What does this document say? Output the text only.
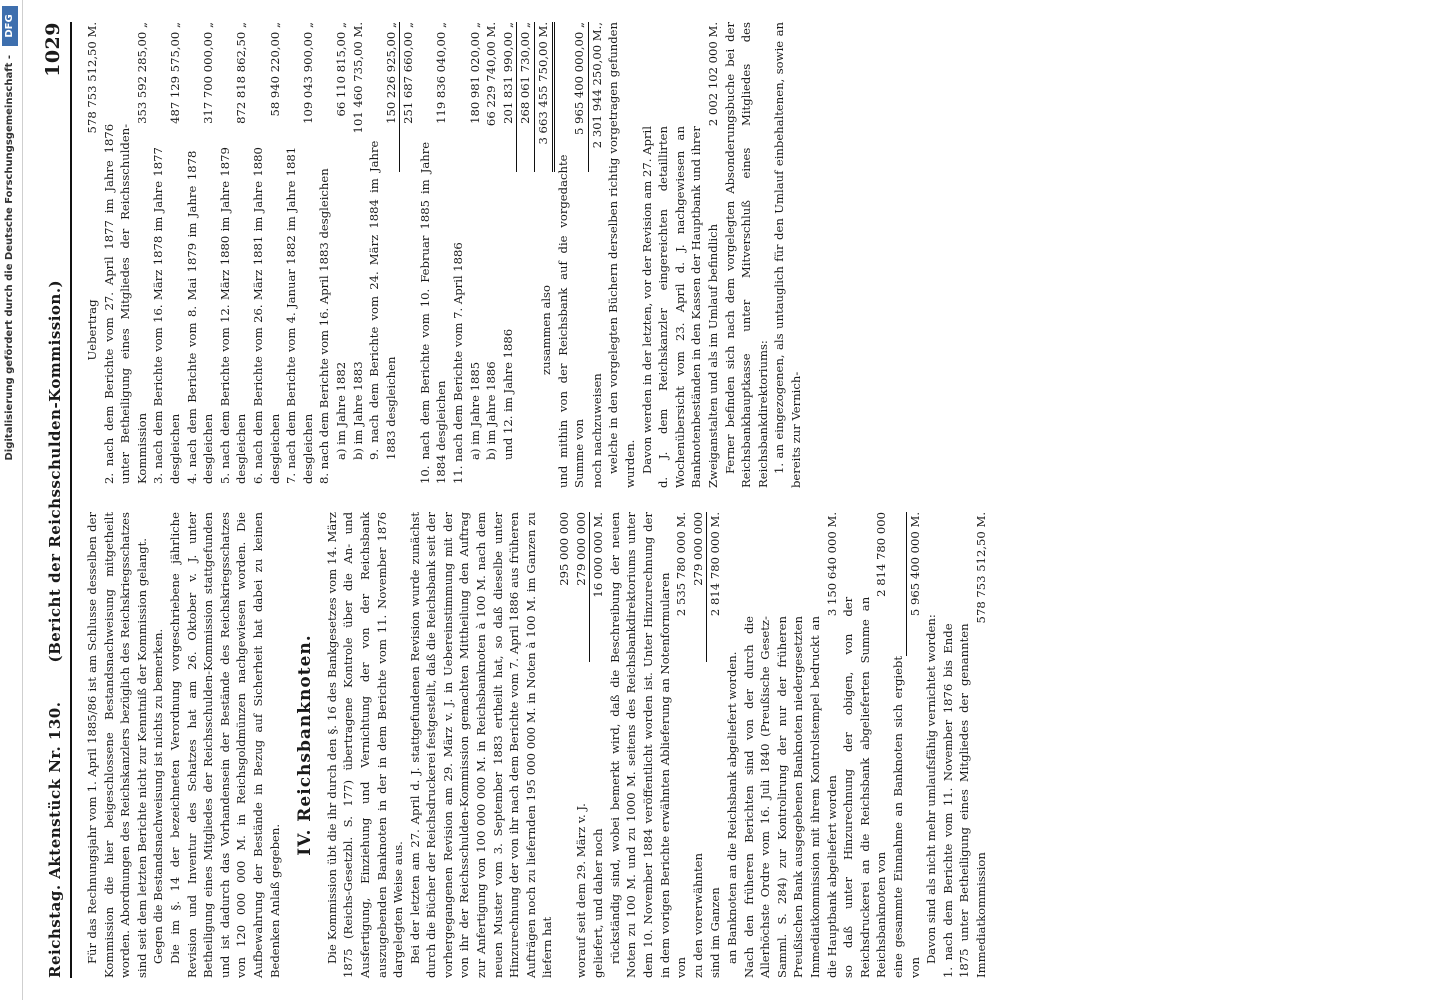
Digitalisierung gefördert durch die Deutsche Forschungsgemeinschaft -
DFG
Reichstag. Aktenstück Nr. 130.
(Bericht der Reichsschulden-Kommission.)
1029

Für das Rechnungsjahr vom 1. April 1885/86 ist am Schlusse desselben der Kommission die hier beigeschlossene Bestandsnachweisung mitgetheilt worden. Abordnungen des Reichskanzlers bezüglich des Reichskriegsschatzes sind seit dem letzten Berichte nicht zur Kenntniß der Kommission gelangt. Gegen die Bestandsnachweisung ist nichts zu bemerken. Die im §. 14 der bezeichneten Verordnung vorgeschriebene jährliche Revision und Inventur des Schatzes hat am 26. Oktober v. J. unter Betheiligung eines Mitgliedes der Reichsschulden-Kommission stattgefunden und ist dadurch das Vorhandensein der Bestände des Reichskriegsschatzes von 120 000 000 M. in Reichsgoldmünzen nachgewiesen worden. Die Aufbewahrung der Bestände in Bezug auf Sicherheit hat dabei zu keinen Bedenken Anlaß gegeben.

IV. Reichsbanknoten. Die Kommission übt die ihr durch den §. 16 des Bankgesetzes vom 14. März 1875 (Reichs-Gesetzbl. S. 177) übertragene Kontrole über die An- und Ausfertigung, Einziehung und Vernichtung der von der Reichsbank auszugebenden Banknoten in der in dem Berichte vom 11. November 1876 dargelegten Weise aus. Bei der letzten am 27. April d. J. stattgefundenen Revision wurde zunächst durch die Bücher der Reichsdruckerei festgestellt, daß die Reichsbank seit der vorhergegangenen Revision am 29. März v. J. in Uebereinstimmung mit der von ihr der Reichsschulden-Kommission gemachten Mittheilung den Auftrag zur Anfertigung von 100 000 000 M. in Reichsbanknoten à 100 M. nach dem neuen Muster vom 3. September 1883 ertheilt hat, so daß dieselbe unter Hinzurechnung der von ihr nach dem Berichte vom 7. April 1886 aus früheren Aufträgen noch zu liefernden 195 000 000 M. in Noten à 100 M. im Ganzen zu liefern hat

295 000 000
worauf seit dem 29. März v. J.
279 000 000
geliefert, und daher noch
16 000 000 M. rückständig sind, wobei bemerkt wird, daß die Beschreibung der neuen Noten zu 100 M. und zu 1000 M. seitens des Reichsbankdirektoriums unter dem 10. November 1884 veröffentlicht worden ist. Unter Hinzurechnung der in dem vorigen Berichte erwähnten Ablieferung an Notenformularen von
2 535 780 000 M.
zu den vorerwähnten
279 000 000
sind im Ganzen
2 814 780 000 M.

an Banknoten an die Reichsbank abgeliefert worden. Nach den früheren Berichten sind von der durch die Allerhöchste Ordre vom 16. Juli 1840 (Preußische Gesetz-Samml. S. 284) zur Kontrolirung der nur der früheren Preußischen Bank ausgegebenen Banknoten niedergesetzten Immediatkommission mit ihrem Kontrolstempel bedruckt an die Hauptbank abgeliefert worden
3 150 640 000 M.
so daß unter Hinzurechnung der obigen, von der Reichsdruckerei an die Reichsbank abgelieferten Summe an Reichsbanknoten von
2 814 780 000
eine gesammte Einnahme an Banknoten sich ergiebt von
5 965 400 000 M.

Davon sind als nicht mehr umlaufsfähig vernichtet worden: 1. nach dem Berichte vom 11. November 1876 bis Ende 1875 unter Betheiligung eines Mitgliedes der genannten Immediatkommission
578 753 512,50 M.
Uebertrag
578 753 512,50 M.
2. nach dem Berichte vom 27. April 1877 im Jahre 1876 unter Betheiligung eines Mitgliedes der Reichsschulden-Kommission
353 592 285,00 „
3. nach dem Berichte vom 16. März 1878 im Jahre 1877 desgleichen
487 129 575,00 „
4. nach dem Berichte vom 8. Mai 1879 im Jahre 1878 desgleichen
317 700 000,00 „
5. nach dem Berichte vom 12. März 1880 im Jahre 1879 desgleichen
872 818 862,50 „
6. nach dem Berichte vom 26. März 1881 im Jahre 1880 desgleichen
58 940 220,00 „
7. nach dem Berichte vom 4. Januar 1882 im Jahre 1881 desgleichen
109 043 900,00 „
8. nach dem Berichte vom 16. April 1883 desgleichen a) im Jahre 1882
66 110 815,00 „
b) im Jahre 1883
101 460 735,00 M.
9. nach dem Berichte vom 24. März 1884 im Jahre 1883 desgleichen
150 226 925,00 „ 251 687 660,00 „
10. nach dem Berichte vom 10. Februar 1885 im Jahre 1884 desgleichen
119 836 040,00 „
11. nach dem Berichte vom 7. April 1886 a) im Jahre 1885
180 981 020,00 „
b) im Jahre 1886
66 229 740,00 M.
und 12. im Jahre 1886
201 831 990,00 „ 268 061 730,00 „
zusammen also
3 663 455 750,00 M.
und mithin von der Reichsbank auf die vorgedachte Summe von
5 965 400 000,00 „
noch nachzuweisen
2 301 944 250,00 M., welche in den vorgelegten Büchern derselben richtig vorgetragen gefunden wurden. Davon werden in der letzten, vor der Revision am 27. April d. J. dem Reichskanzler eingereichten detaillirten Wochenübersicht vom 23. April d. J. nachgewiesen an Banknotenbeständen in den Kassen der Hauptbank und ihrer Zweiganstalten und als im Umlauf befindlich
2 002 102 000 M. Ferner befinden sich nach dem vorgelegten Absonderungsbuche bei der Reichsbankhauptkasse unter Mitverschluß eines Mitgliedes des Reichsbankdirektoriums: 1. an eingezogenen, als untauglich für den Umlauf einbehaltenen, sowie an bereits zur Vernich-
